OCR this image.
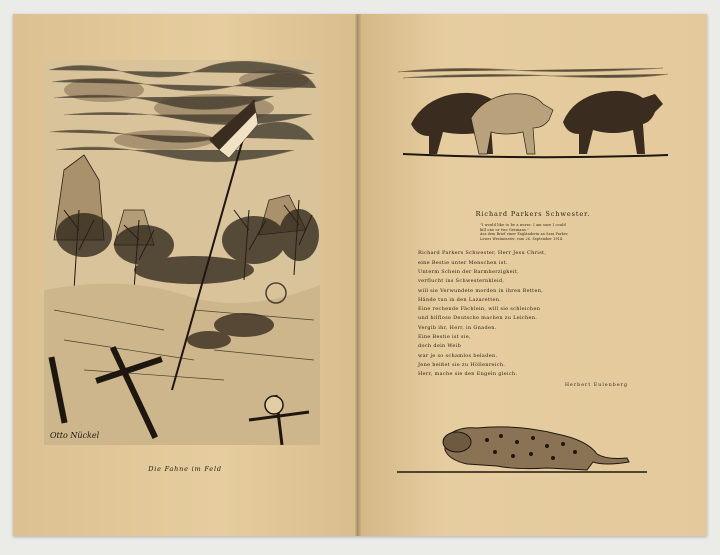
Otto Nückel
Die Fahne im Feld
Richard Parkers Schwester.
"I would like to be a nurse. I am sure I could
kill one or two Germans."
Aus dem Brief einer Engländerin an Sara Parker,
Lowes Westminster, vom 26. September 1914.
Richard Parkers Schwester, Herr Jesu Christ,
eine Bestie unter Menschen ist.
Unterm Schein der Barmherzigkeit,
verflucht ins Schwesternkleid,
will sie Verwundete morden in ihren Betten,
Hände tun in den Lazaretten.
Eine rechende Fächlein, will sie schleichen
und hilflose Deutsche machen zu Leichen.
Vergib ihr, Herr, in Gnaden.
Eine Bestie ist sie,
doch dein Weib
war je so schamlos beladen.
Jene heißet sie zu Höllenreich.
Herr, mache sie den Engeln gleich.
Herbert Eulenberg
